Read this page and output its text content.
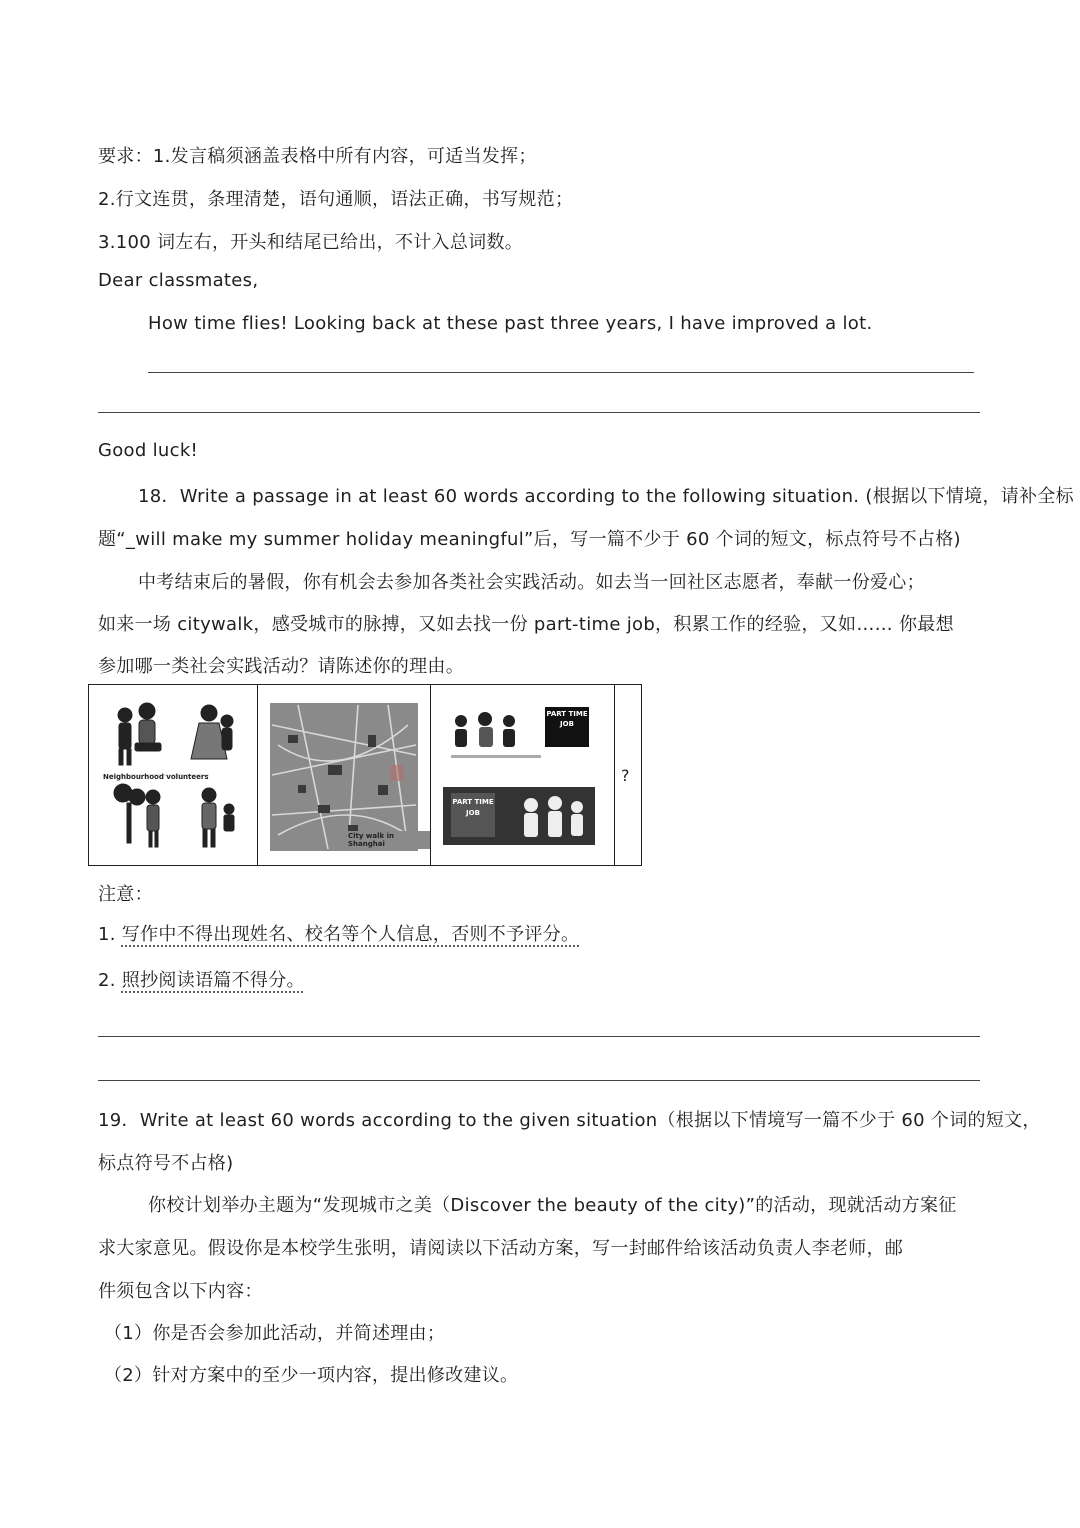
要求：1.发言稿须涵盖表格中所有内容，可适当发挥；
2.行文连贯，条理清楚，语句通顺，语法正确，书写规范；
3.100 词左右，开头和结尾已给出，不计入总词数。
Dear classmates,
How time flies! Looking back at these past three years, I have improved a lot.
Good luck!
18．Write a passage in at least 60 words according to the following situation. (根据以下情境，请补全标
题“_will make my summer holiday meaningful”后，写一篇不少于 60 个词的短文，标点符号不占格)
中考结束后的暑假，你有机会去参加各类社会实践活动。如去当一回社区志愿者，奉献一份爱心；
如来一场 citywalk，感受城市的脉搏，又如去找一份 part-time job，积累工作的经验，又如…… 你最想
参加哪一类社会实践活动？请陈述你的理由。
Neighbourhood volunteers
City walk in Shanghai
PART TIME JOB
PART TIME JOB
?
注意：
1. 写作中不得出现姓名、校名等个人信息，否则不予评分。
2. 照抄阅读语篇不得分。
19．Write at least 60 words according to the given situation（根据以下情境写一篇不少于 60 个词的短文，
标点符号不占格)
你校计划举办主题为“发现城市之美（Discover the beauty of the city)”的活动，现就活动方案征
求大家意见。假设你是本校学生张明，请阅读以下活动方案，写一封邮件给该活动负责人李老师，邮
件须包含以下内容：
（1）你是否会参加此活动，并简述理由；
（2）针对方案中的至少一项内容，提出修改建议。
